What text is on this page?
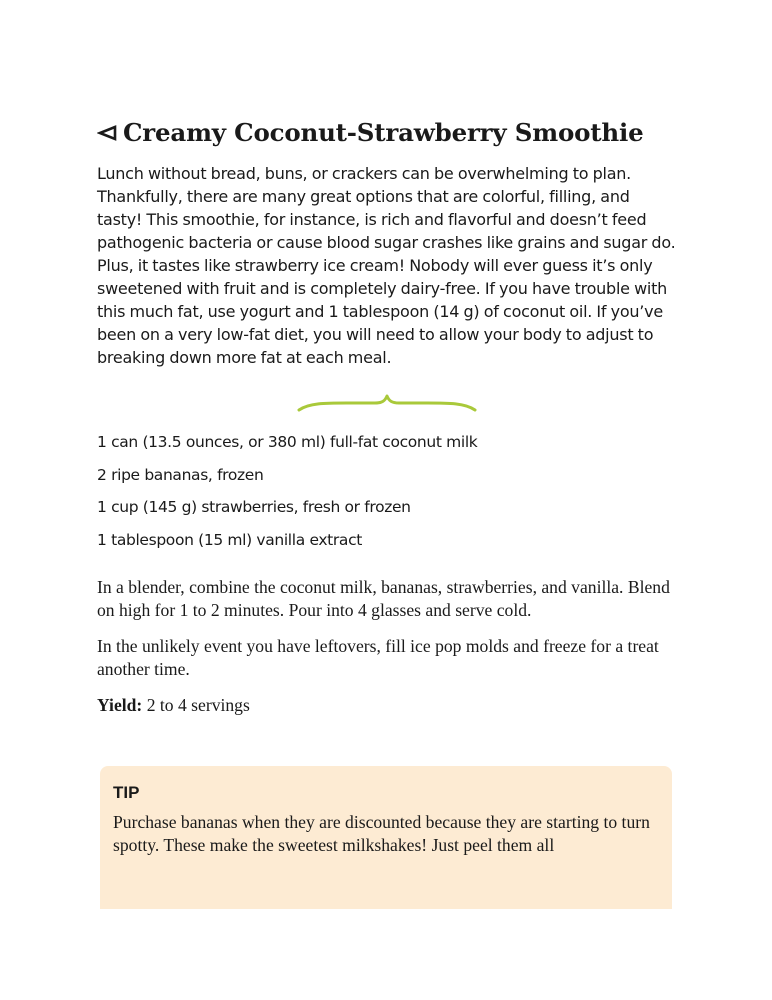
Creamy Coconut-Strawberry Smoothie

Lunch without bread, buns, or crackers can be overwhelming to plan. Thankfully, there are many great options that are colorful, filling, and tasty! This smoothie, for instance, is rich and flavorful and doesn’t feed pathogenic bacteria or cause blood sugar crashes like grains and sugar do. Plus, it tastes like strawberry ice cream! Nobody will ever guess it’s only sweetened with fruit and is completely dairy-free. If you have trouble with this much fat, use yogurt and 1 tablespoon (14 g) of coconut oil. If you’ve been on a very low-fat diet, you will need to allow your body to adjust to breaking down more fat at each meal.

1 can (13.5 ounces, or 380 ml) full-fat coconut milk
2 ripe bananas, frozen
1 cup (145 g) strawberries, fresh or frozen
1 tablespoon (15 ml) vanilla extract

In a blender, combine the coconut milk, bananas, strawberries, and vanilla. Blend on high for 1 to 2 minutes. Pour into 4 glasses and serve cold.

In the unlikely event you have leftovers, fill ice pop molds and freeze for a treat another time.

Yield: 2 to 4 servings

TIP
Purchase bananas when they are discounted because they are starting to turn spotty. These make the sweetest milkshakes! Just peel them all
